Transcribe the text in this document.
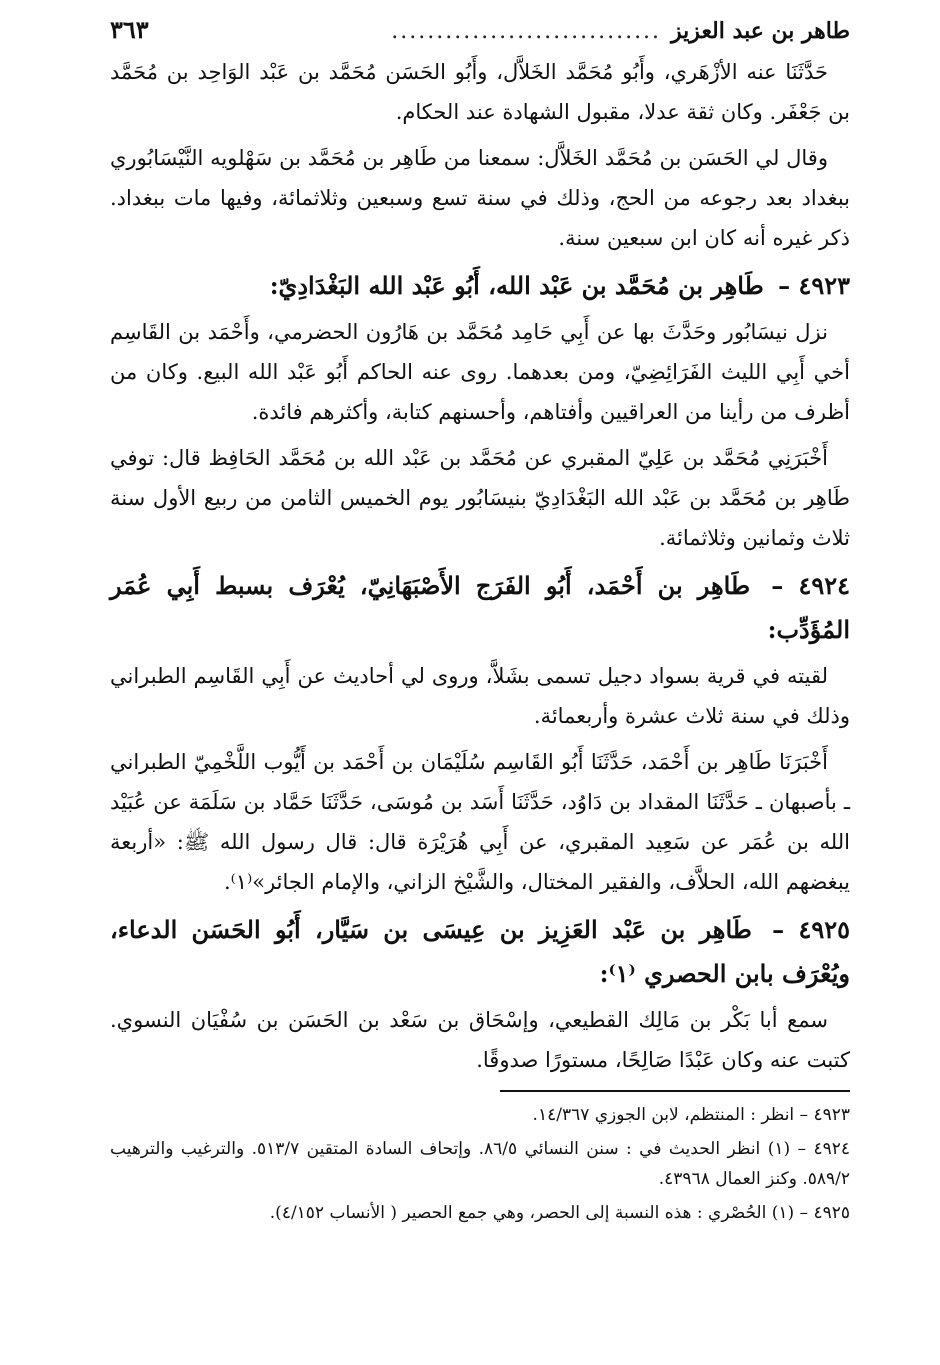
طاهر بن عبد العزيز
..............................
٣٦٣

حَدَّثَنَا عنه الأزْهَري، وأَبُو مُحَمَّد الخَلاَّل، وأَبُو الحَسَن مُحَمَّد بن عَبْد الوَاحِد بن مُحَمَّد بن جَعْفَر. وكان ثقة عدلا، مقبول الشهادة عند الحكام.

وقال لي الحَسَن بن مُحَمَّد الخَلاَّل: سمعنا من طَاهِر بن مُحَمَّد بن سَهْلويه النَّيْسَابُوري ببغداد بعد رجوعه من الحج، وذلك في سنة تسع وسبعين وثلاثمائة، وفيها مات ببغداد. ذكر غيره أنه كان ابن سبعين سنة.

٤٩٢٣ – طَاهِر بن مُحَمَّد بن عَبْد الله، أَبُو عَبْد الله البَغْدَادِيّ:

نزل نيسَابُور وحَدَّثَ بها عن أَبِي حَامِد مُحَمَّد بن هَارُون الحضرمي، وأَحْمَد بن القَاسِم أخي أَبِي الليث الفَرَائِضِيّ، ومن بعدهما. روى عنه الحاكم أَبُو عَبْد الله البيع. وكان من أظرف من رأينا من العراقيين وأفتاهم، وأحسنهم كتابة، وأكثرهم فائدة.

أَخْبَرَنِي مُحَمَّد بن عَلِيّ المقبري عن مُحَمَّد بن عَبْد الله بن مُحَمَّد الحَافِظ قال: توفي طَاهِر بن مُحَمَّد بن عَبْد الله البَغْدَادِيّ بنيسَابُور يوم الخميس الثامن من ربيع الأول سنة ثلاث وثمانين وثلاثمائة.

٤٩٢٤ – طَاهِر بن أَحْمَد، أَبُو الفَرَج الأَصْبَهَانِيّ، يُعْرَف بسبط أَبِي عُمَر المُؤَدِّب:

لقيته في قرية بسواد دجيل تسمى بشَلاَّ، وروى لي أحاديث عن أَبِي القَاسِم الطبراني وذلك في سنة ثلاث عشرة وأربعمائة.

أَخْبَرَنَا طَاهِر بن أَحْمَد، حَدَّثَنَا أَبُو القَاسِم سُلَيْمَان بن أَحْمَد بن أَيُّوب اللَّخْمِيّ الطبراني ـ بأصبهان ـ حَدَّثَنَا المقداد بن دَاوُد، حَدَّثَنَا أَسَد بن مُوسَى، حَدَّثَنَا حَمَّاد بن سَلَمَة عن عُبَيْد الله بن عُمَر عن سَعِيد المقبري، عن أَبِي هُرَيْرَة قال: قال رسول الله ﷺ: «أربعة يبغضهم الله، الحلاَّف، والفقير المختال، والشَّيْخ الزاني، والإمام الجائر»⁽١⁾.

٤٩٢٥ – طَاهِر بن عَبْد العَزِيز بن عِيسَى بن سَيَّار، أَبُو الحَسَن الدعاء، ويُعْرَف بابن الحصري ⁽١⁾:

سمع أبا بَكْر بن مَالِك القطيعي، وإسْحَاق بن سَعْد بن الحَسَن بن سُفْيَان النسوي. كتبت عنه وكان عَبْدًا صَالِحًا، مستورًا صدوقًا.

٤٩٢٣ – انظر : المنتظم، لابن الجوزي ١٤/٣٦٧.

٤٩٢٤ – (١) انظر الحديث في : سنن النسائي ٨٦/٥. وإتحاف السادة المتقين ٥١٣/٧. والترغيب والترهيب ٥٨٩/٢. وكنز العمال ٤٣٩٦٨.

٤٩٢٥ – (١) الحُصْري : هذه النسبة إلى الحصر، وهي جمع الحصير ( الأنساب ٤/١٥٢).
